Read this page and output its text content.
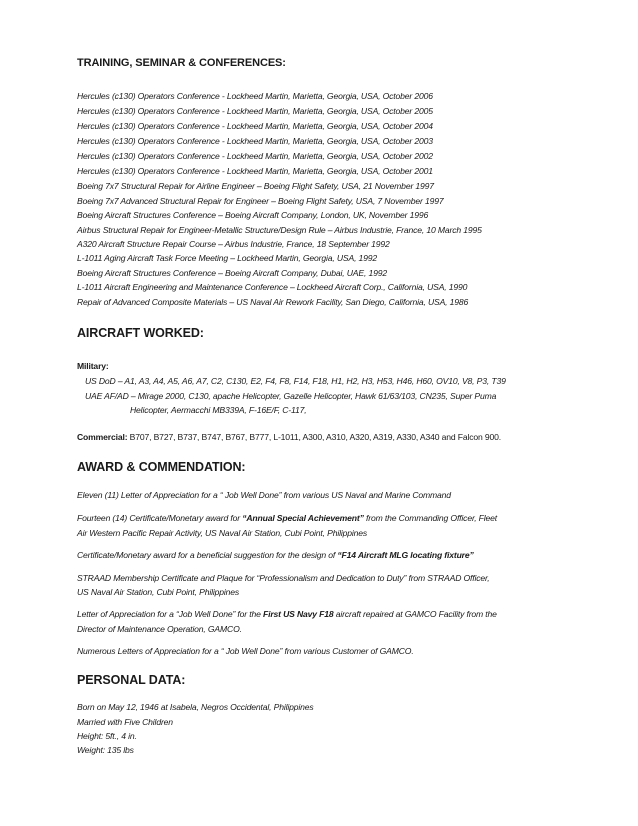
TRAINING, SEMINAR & CONFERENCES:
Hercules (c130) Operators Conference - Lockheed Martin, Marietta, Georgia, USA, October 2006
Hercules (c130) Operators Conference - Lockheed Martin, Marietta, Georgia, USA, October 2005
Hercules (c130) Operators Conference - Lockheed Martin, Marietta, Georgia, USA, October 2004
Hercules (c130) Operators Conference - Lockheed Martin, Marietta, Georgia, USA, October 2003
Hercules (c130) Operators Conference - Lockheed Martin, Marietta, Georgia, USA, October 2002
Hercules (c130) Operators Conference - Lockheed Martin, Marietta, Georgia, USA, October 2001
Boeing 7x7 Structural Repair for Airline Engineer – Boeing Flight Safety, USA, 21 November 1997
Boeing 7x7 Advanced Structural Repair for Engineer – Boeing Flight Safety, USA, 7 November 1997
Boeing Aircraft Structures Conference – Boeing Aircraft Company, London, UK, November 1996
Airbus Structural Repair for Engineer-Metallic Structure/Design Rule – Airbus Industrie, France, 10 March 1995
A320 Aircraft Structure Repair Course – Airbus Industrie, France, 18 September 1992
L-1011 Aging Aircraft Task Force Meeting – Lockheed Martin, Georgia, USA, 1992
Boeing Aircraft Structures Conference – Boeing Aircraft Company, Dubai, UAE, 1992
L-1011 Aircraft Engineering and Maintenance Conference – Lockheed Aircraft Corp., California, USA, 1990
Repair of Advanced Composite Materials – US Naval Air Rework Facility, San Diego, California, USA, 1986
AIRCRAFT WORKED:
Military:
US DoD – A1, A3, A4, A5, A6, A7, C2, C130, E2, F4, F8, F14, F18, H1, H2, H3, H53, H46, H60, OV10, V8, P3, T39
UAE AF/AD – Mirage 2000, C130, apache Helicopter, Gazelle Helicopter, Hawk 61/63/103, CN235, Super Puma
Helicopter, Aermacchi MB339A, F-16E/F, C-117,
Commercial: B707, B727, B737, B747, B767, B777, L-1011, A300, A310, A320, A319, A330, A340 and Falcon 900.
AWARD & COMMENDATION:
Eleven (11) Letter of Appreciation for a “ Job Well Done” from various US Naval and Marine Command
Fourteen (14) Certificate/Monetary award for “Annual Special Achievement” from the Commanding Officer, Fleet
Air Western Pacific Repair Activity, US Naval Air Station, Cubi Point, Philippines
Certificate/Monetary award for a beneficial suggestion for the design of “F14 Aircraft MLG locating fixture”
STRAAD Membership Certificate and Plaque for “Professionalism and Dedication to Duty” from STRAAD Officer,
US Naval Air Station, Cubi Point, Philippines
Letter of Appreciation for a “Job Well Done” for the First US Navy F18 aircraft repaired at GAMCO Facility from the
Director of Maintenance Operation, GAMCO.
Numerous Letters of Appreciation for a “ Job Well Done” from various Customer of GAMCO.
PERSONAL DATA:
Born on May 12, 1946 at Isabela, Negros Occidental, Philippines
Married with Five Children
Height: 5ft., 4 in.
Weight: 135 lbs
